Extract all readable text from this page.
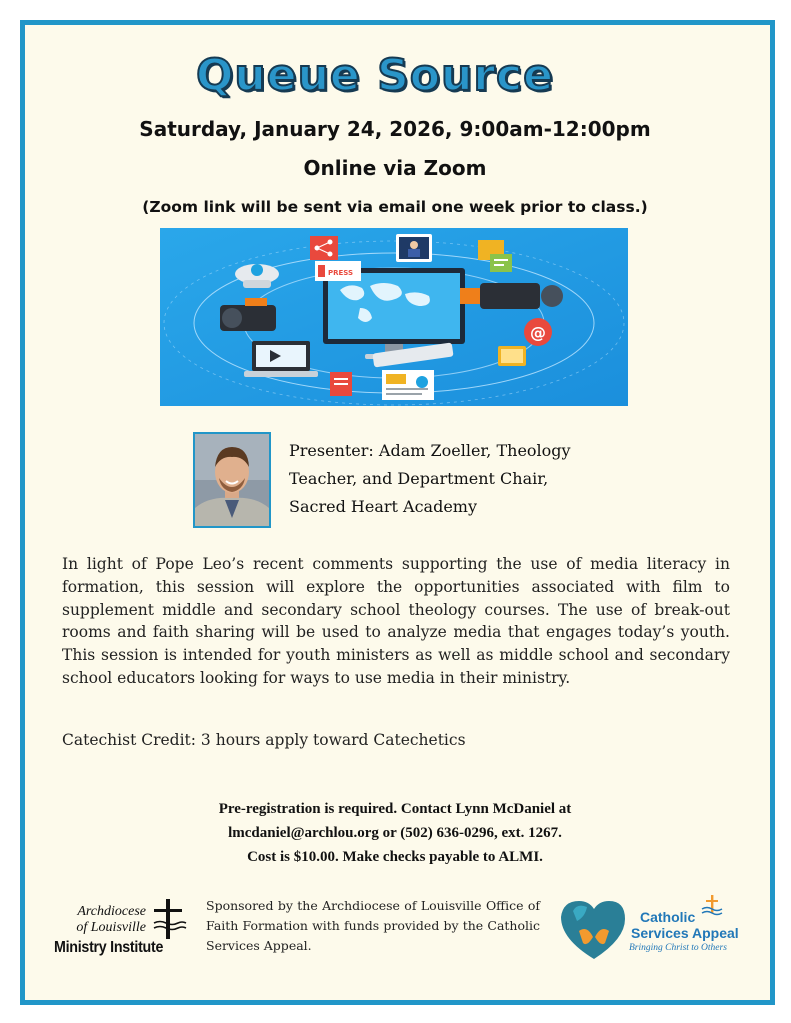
Queue Source
Saturday, January 24, 2026, 9:00am-12:00pm
Online via Zoom
(Zoom link will be sent via email one week prior to class.)
PRESS
@
Presenter: Adam Zoeller, Theology
Teacher, and Department Chair,
Sacred Heart Academy
In light of Pope Leo’s recent comments supporting the use of media literacy in formation, this session will explore the opportunities associated with film to supplement middle and secondary school theology courses. The use of break-out rooms and faith sharing will be used to analyze media that engages today’s youth. This session is intended for youth ministers as well as middle school and secondary school educators looking for ways to use media in their ministry.
Catechist Credit: 3 hours apply toward Catechetics
Pre-registration is required. Contact Lynn McDaniel at
lmcdaniel@archlou.org or (502) 636-0296, ext. 1267.
Cost is $10.00. Make checks payable to ALMI.
Archdiocese
of Louisville
Ministry Institute
Sponsored by the Archdiocese of Louisville Office of Faith Formation with funds provided by the Catholic Services Appeal.
Catholic
Services Appeal
Bringing Christ to Others
